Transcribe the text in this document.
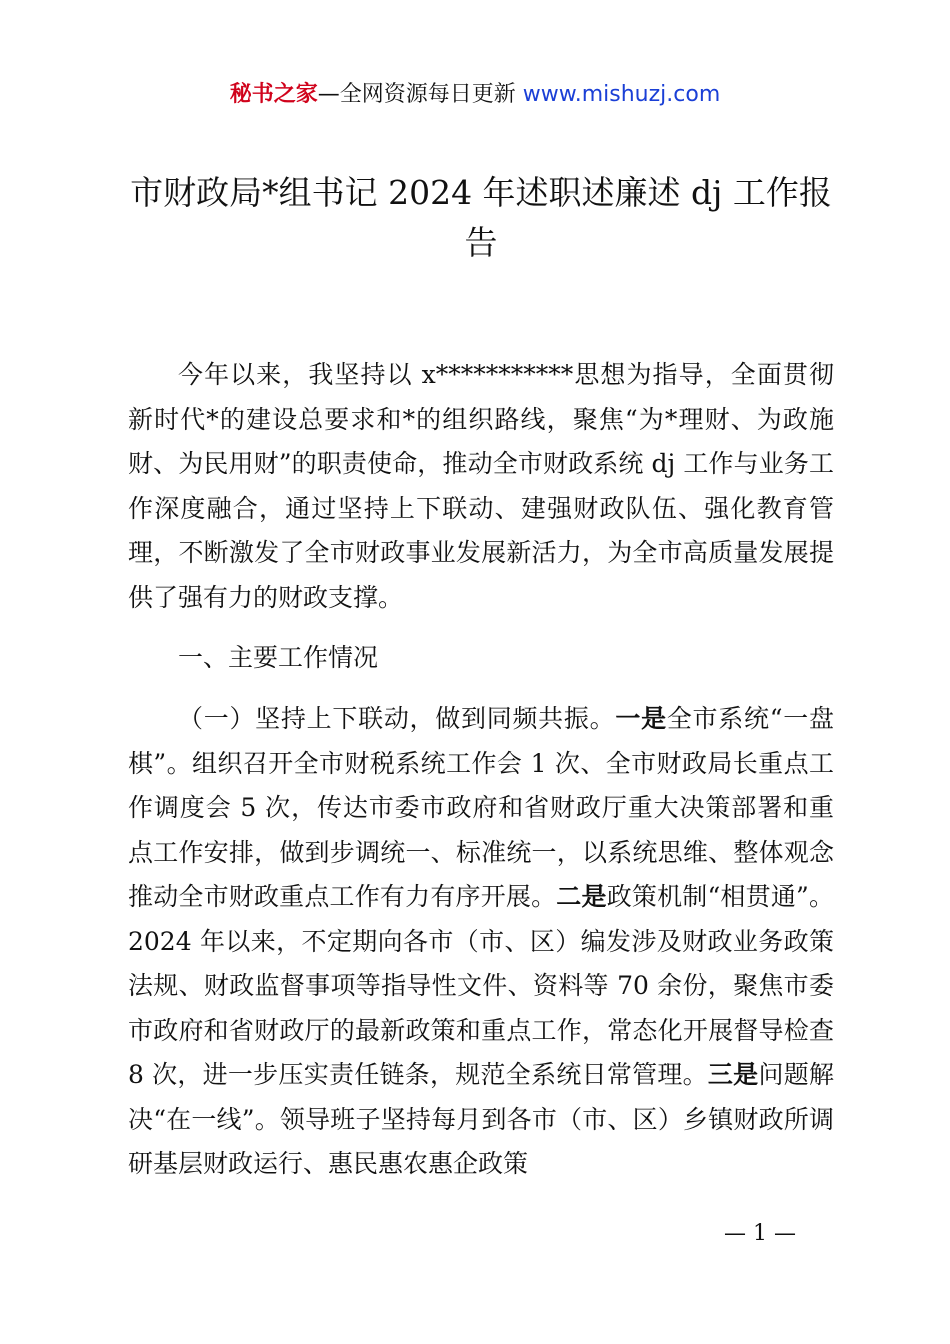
秘书之家—全网资源每日更新 www.mishuzj.com
市财政局*组书记 2024 年述职述廉述 dj 工作报告

今年以来，我坚持以 x***********思想为指导，全面贯彻新时代*的建设总要求和*的组织路线，聚焦“为*理财、为政施财、为民用财”的职责使命，推动全市财政系统 dj 工作与业务工作深度融合，通过坚持上下联动、建强财政队伍、强化教育管理，不断激发了全市财政事业发展新活力，为全市高质量发展提供了强有力的财政支撑。

一、主要工作情况

（一）坚持上下联动，做到同频共振。一是全市系统“一盘棋”。组织召开全市财税系统工作会 1 次、全市财政局长重点工作调度会 5 次，传达市委市政府和省财政厅重大决策部署和重点工作安排，做到步调统一、标准统一，以系统思维、整体观念推动全市财政重点工作有力有序开展。二是政策机制“相贯通”。2024 年以来，不定期向各市（市、区）编发涉及财政业务政策法规、财政监督事项等指导性文件、资料等 70 余份，聚焦市委市政府和省财政厅的最新政策和重点工作，常态化开展督导检查 8 次，进一步压实责任链条，规范全系统日常管理。三是问题解决“在一线”。领导班子坚持每月到各市（市、区）乡镇财政所调研基层财政运行、惠民惠农惠企政策

— 1 —
